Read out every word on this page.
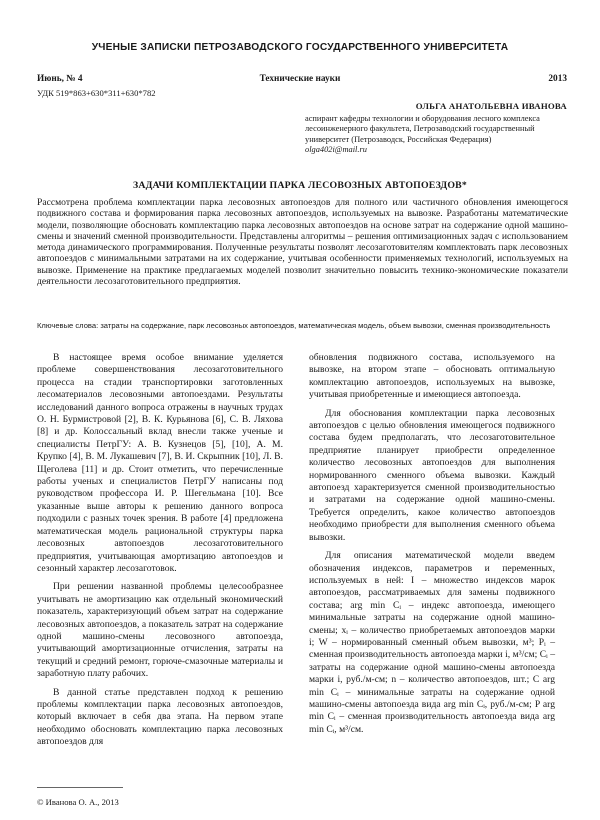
УЧЕНЫЕ ЗАПИСКИ ПЕТРОЗАВОДСКОГО ГОСУДАРСТВЕННОГО УНИВЕРСИТЕТА
Июнь, № 4	Технические науки	2013
УДК 519*863+630*311+630*782
ОЛЬГА АНАТОЛЬЕВНА ИВАНОВА
аспирант кафедры технологии и оборудования лесного комплекса лесоинженерного факультета, Петрозаводский государственный университет (Петрозаводск, Российская Федерация)
olga402i@mail.ru
ЗАДАЧИ КОМПЛЕКТАЦИИ ПАРКА ЛЕСОВОЗНЫХ АВТОПОЕЗДОВ*

Рассмотрена проблема комплектации парка лесовозных автопоездов для полного или частичного обновления имеющегося подвижного состава и формирования парка лесовозных автопоездов, используемых на вывозке. Разработаны математические модели, позволяющие обосновать комплектацию парка лесовозных автопоездов на основе затрат на содержание одной машино-смены и значений сменной производительности. Представлены алгоритмы – решения оптимизационных задач с использованием метода динамического программирования. Полученные результаты позволят лесозаготовителям комплектовать парк лесовозных автопоездов с минимальными затратами на их содержание, учитывая особенности применяемых технологий, используемых на вывозке. Применение на практике предлагаемых моделей позволит значительно повысить технико-экономические показатели деятельности лесозаготовительного предприятия.

Ключевые слова: затраты на содержание, парк лесовозных автопоездов, математическая модель, объем вывозки, сменная производительность

В настоящее время особое внимание уделяется проблеме совершенствования лесозаготовительного процесса на стадии транспортировки заготовленных лесоматериалов лесовозными автопоездами. Результаты исследований данного вопроса отражены в научных трудах О. Н. Бурмистровой [2], В. К. Курьянова [6], С. В. Ляхова [8] и др. Колоссальный вклад внесли также ученые и специалисты ПетрГУ: А. В. Кузнецов [5], [10], А. М. Крупко [4], В. М. Лукашевич [7], В. И. Скрыпник [10], Л. В. Щеголева [11] и др. Стоит отметить, что перечисленные работы ученых и специалистов ПетрГУ написаны под руководством профессора И. Р. Шегельмана [10]. Все указанные выше авторы к решению данного вопроса подходили с разных точек зрения. В работе [4] предложена математическая модель рациональной структуры парка лесовозных автопоездов лесозаготовительного предприятия, учитывающая амортизацию автопоездов и сезонный характер лесозаготовок.

При решении названной проблемы целесообразнее учитывать не амортизацию как отдельный экономический показатель, характеризующий объем затрат на содержание лесовозных автопоездов, а показатель затрат на содержание одной машино-смены лесовозного автопоезда, учитывающий амортизационные отчисления, затраты на текущий и средний ремонт, горюче-смазочные материалы и заработную плату рабочих.

В данной статье представлен подход к решению проблемы комплектации парка лесовозных автопоездов, который включает в себя два этапа. На первом этапе необходимо обосновать комплектацию парка лесовозных автопоездов для

обновления подвижного состава, используемого на вывозке, на втором этапе – обосновать оптимальную комплектацию автопоездов, используемых на вывозке, учитывая приобретенные и имеющиеся автопоезда.

Для обоснования комплектации парка лесовозных автопоездов с целью обновления имеющегося подвижного состава будем предполагать, что лесозаготовительное предприятие планирует приобрести определенное количество лесовозных автопоездов для выполнения нормированного сменного объема вывозки. Каждый автопоезд характеризуется сменной производительностью и затратами на содержание одной машино-смены. Требуется определить, какое количество автопоездов необходимо приобрести для выполнения сменного объема вывозки.

Для описания математической модели введем обозначения индексов, параметров и переменных, используемых в ней: I – множество индексов марок автопоездов, рассматриваемых для замены подвижного состава; arg min Cᵢ – индекс автопоезда, имеющего минимальные затраты на содержание одной машино-смены; xᵢ – количество приобретаемых автопоездов марки i; W – нормированный сменный объем вывозки, м³; Pᵢ – сменная производительность автопоезда марки i, м³/см; Cᵢ – затраты на содержание одной машино-смены автопоезда марки i, руб./м-см; n – количество автопоездов, шт.; C arg min Cᵢ – минимальные затраты на содержание одной машино-смены автопоезда вида arg min Cᵢ, руб./м-см; P arg min Cᵢ – сменная производительность автопоезда вида arg min Cᵢ, м³/см.

© Иванова О. А., 2013
